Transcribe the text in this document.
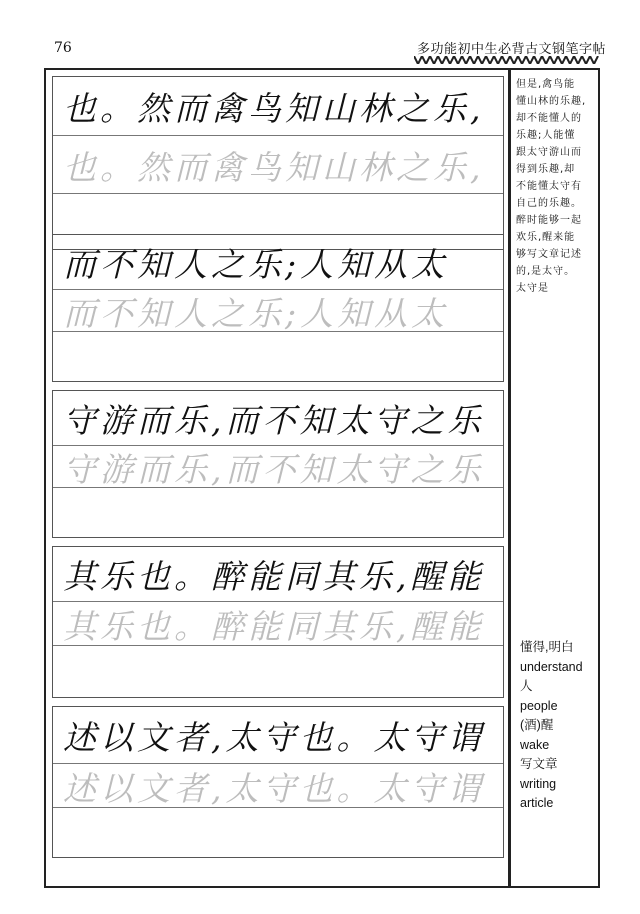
76	多功能初中生必背古文钢笔字帖
也。然而禽鸟知山林之乐,
也。然而禽鸟知山林之乐,
而不知人之乐;人知从太
而不知人之乐;人知从太
守游而乐,而不知太守之乐
守游而乐,而不知太守之乐
其乐也。醉能同其乐,醒能
其乐也。醉能同其乐,醒能
述以文者,太守也。太守谓
述以文者,太守也。太守谓
但是,禽鸟能
懂山林的乐趣,
却不能懂人的
乐趣;人能懂
跟太守游山而
得到乐趣,却
不能懂太守有
自己的乐趣。
醉时能够一起
欢乐,醒来能
够写文章记述
的,是太守。
太守是
懂得,明白
understand
人
people
(酒)醒
wake
写文章
writing
article
